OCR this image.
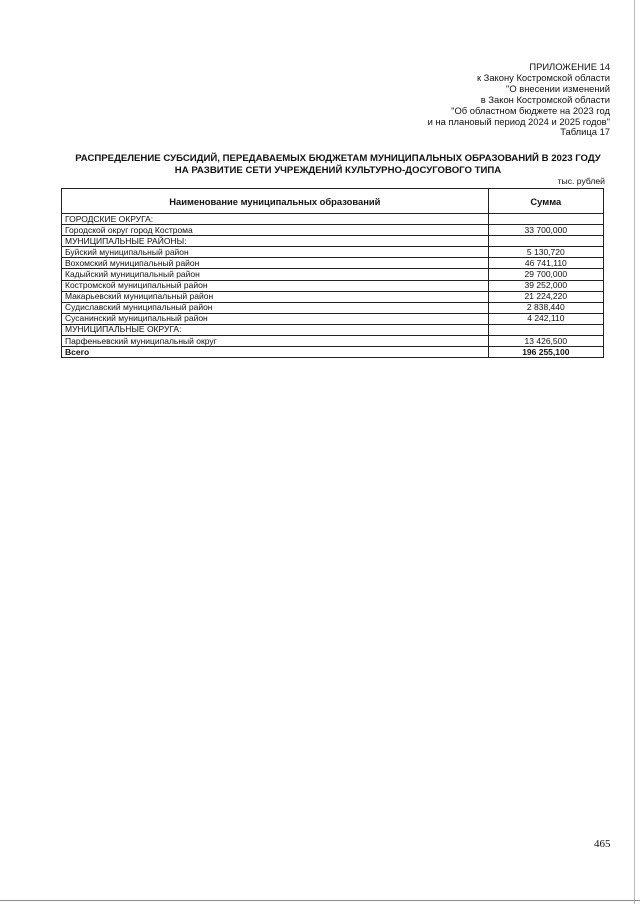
ПРИЛОЖЕНИЕ 14
к Закону Костромской области
"О внесении изменений
в Закон Костромской области
"Об областном бюджете на 2023 год
и на плановый период 2024 и 2025 годов"
Таблица 17
РАСПРЕДЕЛЕНИЕ СУБСИДИЙ, ПЕРЕДАВАЕМЫХ БЮДЖЕТАМ МУНИЦИПАЛЬНЫХ ОБРАЗОВАНИЙ В 2023 ГОДУ
НА РАЗВИТИЕ СЕТИ УЧРЕЖДЕНИЙ КУЛЬТУРНО-ДОСУГОВОГО ТИПА
тыс. рублей
Наименование муниципальных образований	Сумма
ГОРОДСКИЕ ОКРУГА:	
Городской округ город Кострома	33 700,000
МУНИЦИПАЛЬНЫЕ РАЙОНЫ:	
Буйский муниципальный район	5 130,720
Вохомский муниципальный район	46 741,110
Кадыйский муниципальный район	29 700,000
Костромской муниципальный район	39 252,000
Макарьевский муниципальный район	21 224,220
Судиславский муниципальный район	2 838,440
Сусанинский муниципальный район	4 242,110
МУНИЦИПАЛЬНЫЕ ОКРУГА:	
Парфеньевский муниципальный округ	13 426,500
Всего	196 255,100
465
